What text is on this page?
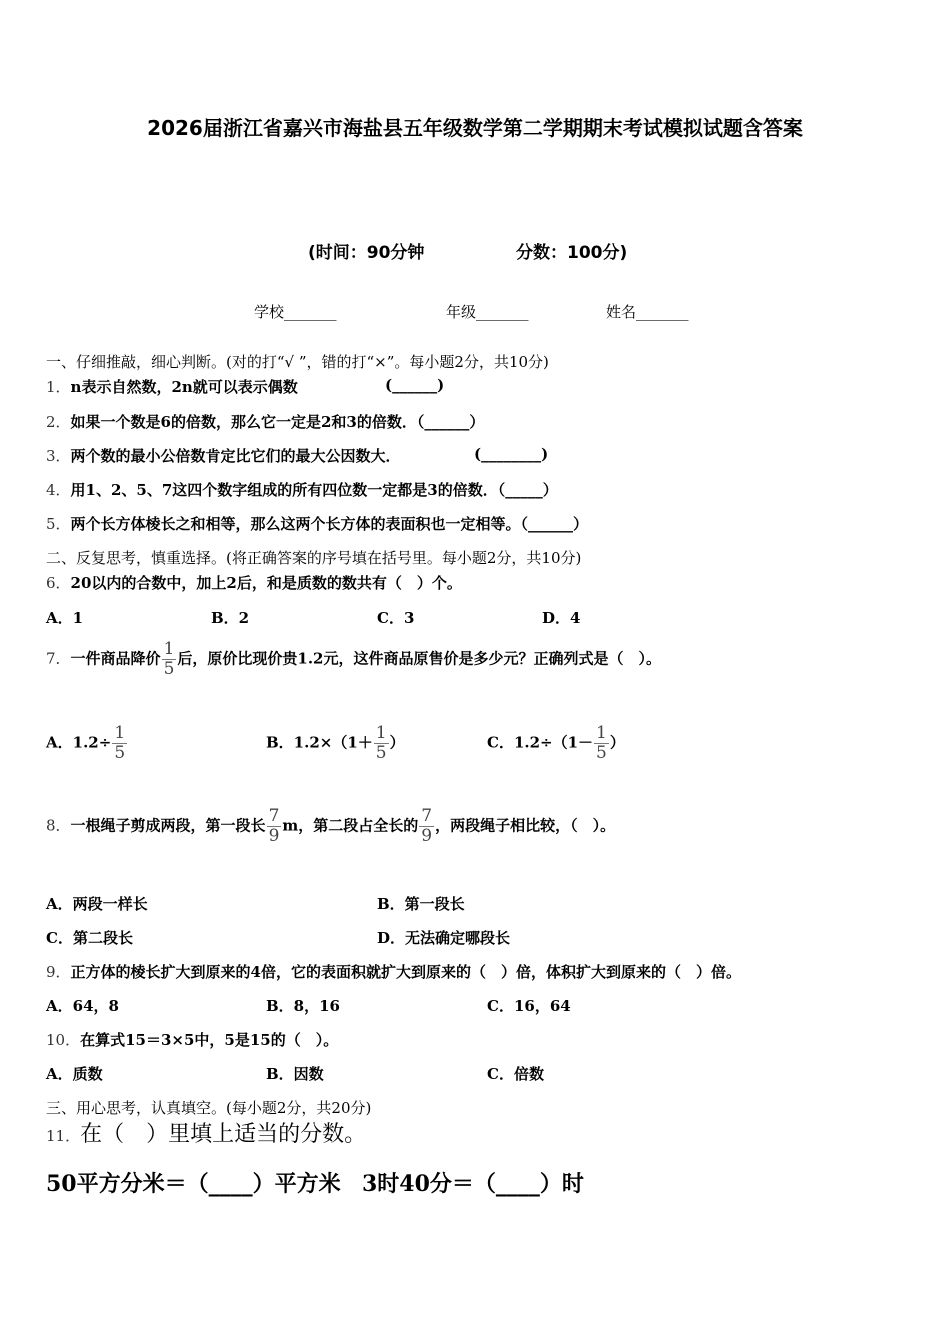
2026届浙江省嘉兴市海盐县五年级数学第二学期期末考试模拟试题含答案
(时间：90分钟	分数：100分)
学校_______	年级_______	姓名_______
一、仔细推敲，细心判断。(对的打“√ ”，错的打“×”。每小题2分，共10分)
1．n表示自然数，2n就可以表示偶数	(______)
2．如果一个数是6的倍数，那么它一定是2和3的倍数．（______）
3．两个数的最小公倍数肯定比它们的最大公因数大．	(________)
4．用1、2、5、7这四个数字组成的所有四位数一定都是3的倍数．（_____）
5．两个长方体棱长之和相等，那么这两个长方体的表面积也一定相等。（______）
二、反复思考，慎重选择。(将正确答案的序号填在括号里。每小题2分，共10分)
6．20以内的合数中，加上2后，和是质数的数共有（　）个。
A．1	B．2	C．3	D．4
7．一件商品降价 $\frac{1}{5}$ 后，原价比现价贵1.2元，这件商品原售价是多少元？正确列式是（　）。
A．$1.2\div \frac{1}{5}$	B．$1.2\times(1+ \frac{1}{5}$ ）	C．$1.2\div(1- \frac{1}{5}$ ）
8．一根绳子剪成两段，第一段长 $\frac{7}{9}$ m，第二段占全长的 $\frac{7}{9}$ ，两段绳子相比较，（　）。
A．两段一样长	B．第一段长
C．第二段长	D．无法确定哪段长
9．正方体的棱长扩大到原来的4倍，它的表面积就扩大到原来的（　）倍，体积扩大到原来的（　）倍。
A．64，8	B．8，16	C．16，64
10．在算式15＝3×5中，5是15的（　）。
A．质数	B．因数	C．倍数
三、用心思考，认真填空。(每小题2分，共20分)
11．在（　）里填上适当的分数。
50平方分米＝（____）平方米 3时40分＝（____）时
